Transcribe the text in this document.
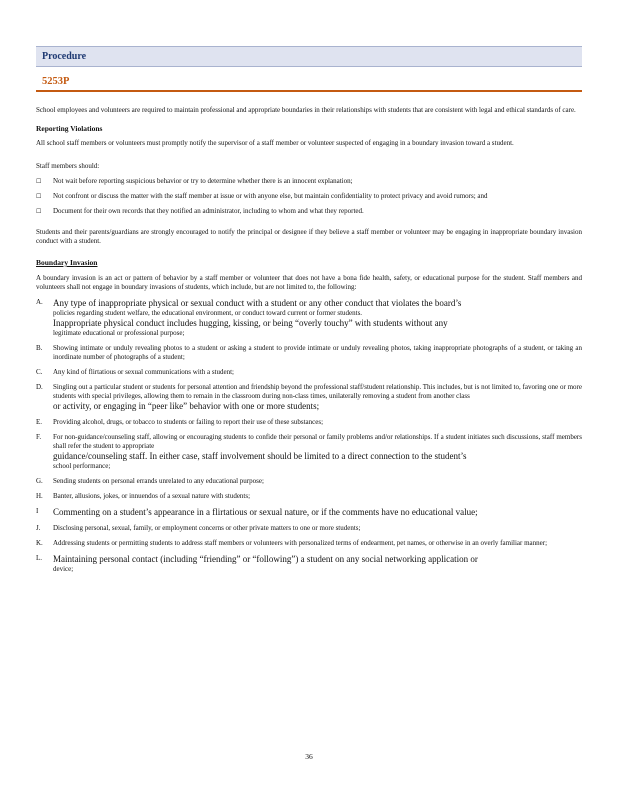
Procedure
5253P

School employees and volunteers are required to maintain professional and appropriate boundaries in their relationships with students that are consistent with legal and ethical standards of care.

Reporting Violations

All school staff members or volunteers must promptly notify the supervisor of a staff member or volunteer suspected of engaging in a boundary invasion toward a student.

Staff members should:

☐	Not wait before reporting suspicious behavior or try to determine whether there is an innocent explanation;

☐	Not confront or discuss the matter with the staff member at issue or with anyone else, but maintain confidentiality to protect privacy and avoid rumors; and

☐	Document for their own records that they notified an administrator, including to whom and what they reported.

Students and their parents/guardians are strongly encouraged to notify the principal or designee if they believe a staff member or volunteer may be engaging in inappropriate boundary invasion conduct with a student.

Boundary Invasion

A boundary invasion is an act or pattern of behavior by a staff member or volunteer that does not have a bona fide health, safety, or educational purpose for the student. Staff members and volunteers shall not engage in boundary invasions of students, which include, but are not limited to, the following:

A.	Any type of inappropriate physical or sexual conduct with a student or any other conduct that violates the board’s

policies regarding student welfare, the educational environment, or conduct toward current or former students.

Inappropriate physical conduct includes hugging, kissing, or being “overly touchy” with students without any

legitimate educational or professional purpose;

B.	Showing intimate or unduly revealing photos to a student or asking a student to provide intimate or unduly revealing photos, taking inappropriate photographs of a student, or taking an inordinate number of photographs of a student;

C.	Any kind of flirtatious or sexual communications with a student;

D.	Singling out a particular student or students for personal attention and friendship beyond the professional staff/student relationship. This includes, but is not limited to, favoring one or more students with special privileges, allowing them to remain in the classroom during non-class times, unilaterally removing a student from another class

or activity, or engaging in “peer like” behavior with one or more students;

E.	Providing alcohol, drugs, or tobacco to students or failing to report their use of these substances;

F.	For non-guidance/counseling staff, allowing or encouraging students to confide their personal or family problems and/or relationships. If a student initiates such discussions, staff members shall refer the student to appropriate

guidance/counseling staff. In either case, staff involvement should be limited to a direct connection to the student’s

school performance;

G.	Sending students on personal errands unrelated to any educational purpose;

H.	Banter, allusions, jokes, or innuendos of a sexual nature with students;

I	Commenting on a student’s appearance in a flirtatious or sexual nature, or if the comments have no educational value;

J.	Disclosing personal, sexual, family, or employment concerns or other private matters to one or more students;

K.	Addressing students or permitting students to address staff members or volunteers with personalized terms of endearment, pet names, or otherwise in an overly familiar manner;

L.	Maintaining personal contact (including “friending” or “following”) a student on any social networking application or

device;

36
